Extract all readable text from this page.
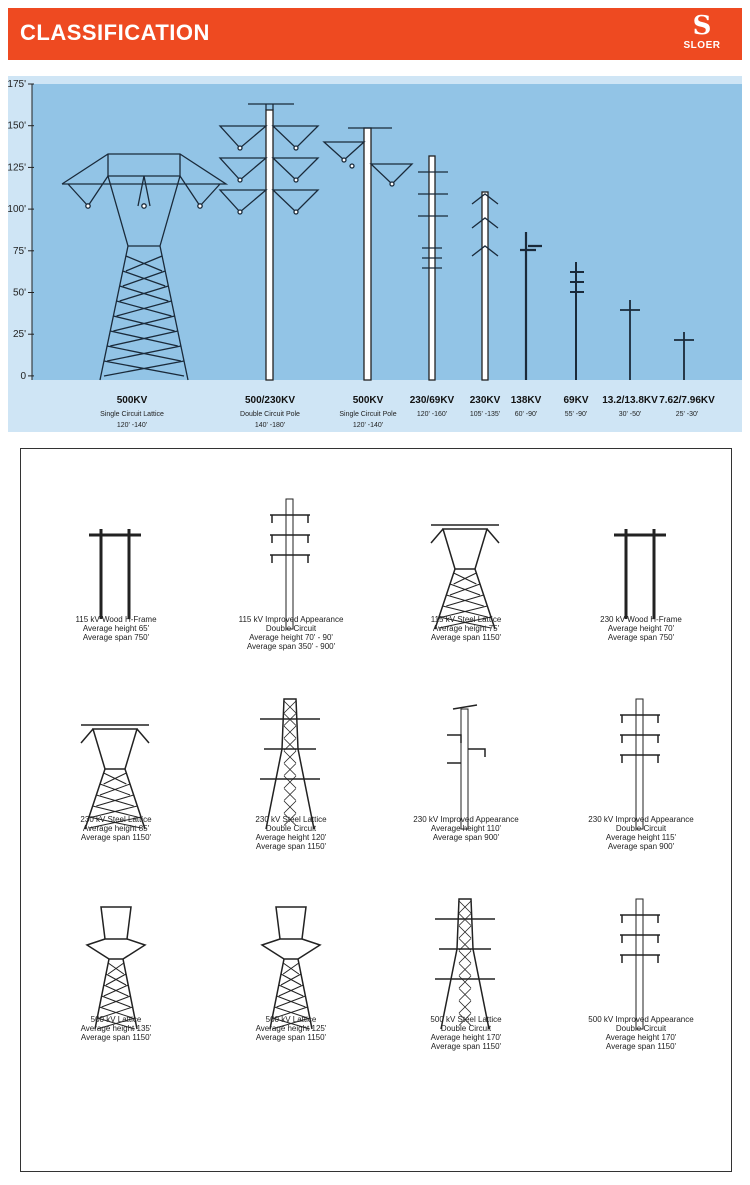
CLASSIFICATION	S
SLOER
175'
150'
125'
100'
75'
50'
25'
0
500KV
Single Circuit Lattice
120' -140'
500/230KV
Double Circuit Pole
140' -180'
500KV
Single Circuit Pole
120' -140'
230/69KV
120' -160'
230KV
105' -135'
138KV
60' -90'
69KV
55' -90'
13.2/13.8KV
30' -50'
7.62/7.96KV
25' -30'
115 kV Wood H-Frame
Average height 65'
Average span 750'
115 kV Improved Appearance
Double Circuit
Average height 70' - 90'
Average span 350' - 900'
115 kV Steel Lattice
Average height 75'
Average span 1150'
230 kV Wood H-Frame
Average height 70'
Average span 750'
230 kV Steel Lattice
Average height 85'
Average span 1150'
230 kV Steel Lattice
Double Circuit
Average height 120'
Average span 1150'
230 kV Improved Appearance
Average height 110'
Average span 900'
230 kV Improved Appearance
Double Circuit
Average height 115'
Average span 900'
500 kV Lattice
Average height 135'
Average span 1150'
500 kV Lattice
Average height 125'
Average span 1150'
500 kV Steel Lattice
Double Circuit
Average height 170'
Average span 1150'
500 kV Improved Appearance
Double Circuit
Average height 170'
Average span 1150'
